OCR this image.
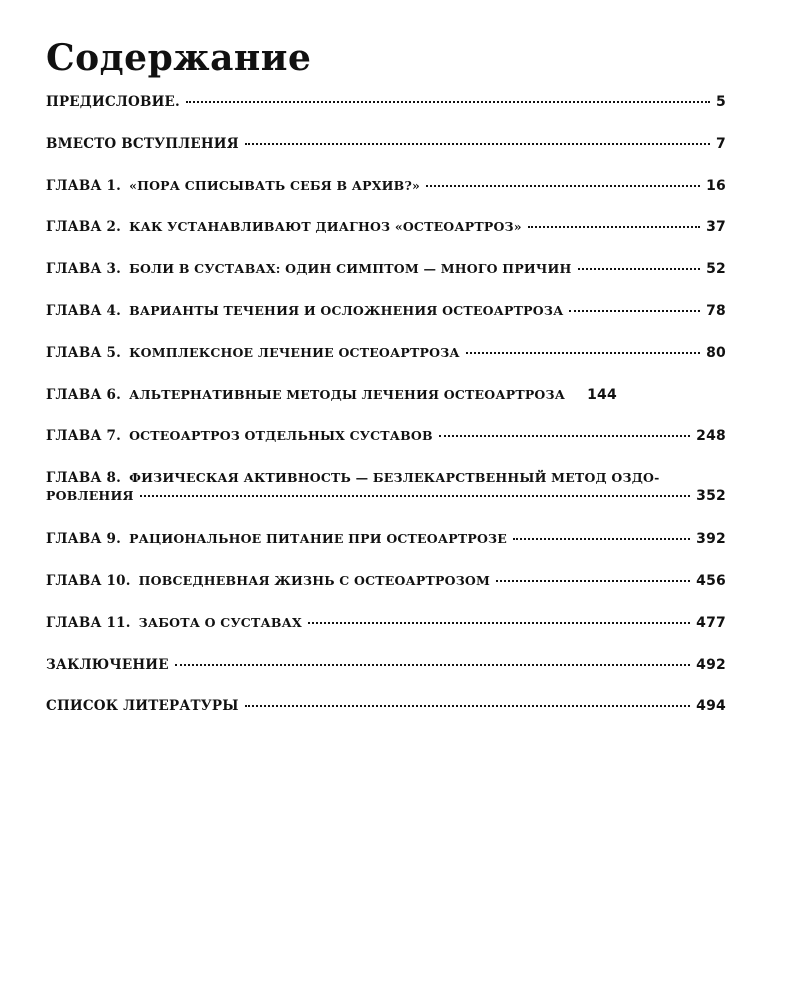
Содержание
ПРЕДИСЛОВИЕ.	5
ВМЕСТО ВСТУПЛЕНИЯ	7
ГЛАВА 1. «ПОРА СПИСЫВАТЬ СЕБЯ В АРХИВ?»	16
ГЛАВА 2. КАК УСТАНАВЛИВАЮТ ДИАГНОЗ «ОСТЕОАРТРОЗ»	37
ГЛАВА 3. БОЛИ В СУСТАВАХ: ОДИН СИМПТОМ — МНОГО ПРИЧИН	52
ГЛАВА 4. ВАРИАНТЫ ТЕЧЕНИЯ И ОСЛОЖНЕНИЯ ОСТЕОАРТРОЗА	78
ГЛАВА 5. КОМПЛЕКСНОЕ ЛЕЧЕНИЕ ОСТЕОАРТРОЗА	80
ГЛАВА 6. АЛЬТЕРНАТИВНЫЕ МЕТОДЫ ЛЕЧЕНИЯ ОСТЕОАРТРОЗА 144
ГЛАВА 7. ОСТЕОАРТРОЗ ОТДЕЛЬНЫХ СУСТАВОВ	248
ГЛАВА 8. ФИЗИЧЕСКАЯ АКТИВНОСТЬ — БЕЗЛЕКАРСТВЕННЫЙ МЕТОД ОЗДО-
РОВЛЕНИЯ	352
ГЛАВА 9. РАЦИОНАЛЬНОЕ ПИТАНИЕ ПРИ ОСТЕОАРТРОЗЕ	392
ГЛАВА 10. ПОВСЕДНЕВНАЯ ЖИЗНЬ С ОСТЕОАРТРОЗОМ	456
ГЛАВА 11. ЗАБОТА О СУСТАВАХ	477
ЗАКЛЮЧЕНИЕ	492
СПИСОК ЛИТЕРАТУРЫ	494
